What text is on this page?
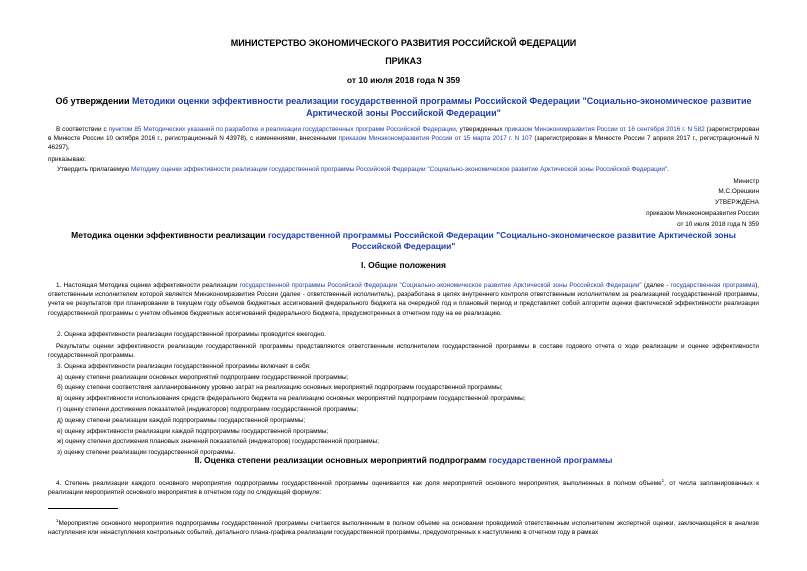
МИНИСТЕРСТВО ЭКОНОМИЧЕСКОГО РАЗВИТИЯ РОССИЙСКОЙ ФЕДЕРАЦИИ
ПРИКАЗ
от 10 июля 2018 года N 359
Об утверждении Методики оценки эффективности реализации государственной программы Российской Федерации "Социально-экономическое развитие Арктической зоны Российской Федерации"
В соответствии с пунктом 85 Методических указаний по разработке и реализации государственных программ Российской Федерации, утвержденных приказом Минэкономразвития России от 16 сентября 2016 г. N 582 (зарегистрирован в Минюсте России 10 октября 2016 г., регистрационный N 43978), с изменениями, внесенными приказом Минэкономразвития России от 15 марта 2017 г. N 107 (зарегистрирован в Минюсте России 7 апреля 2017 г., регистрационный N 46297),
приказываю:
Утвердить прилагаемую Методику оценки эффективности реализации государственной программы Российской Федерации "Социально-экономическое развитие Арктической зоны Российской Федерации".
Министр
М.С.Орешкин
УТВЕРЖДЕНА
приказом Минэкономразвития России
от 10 июля 2018 года N 359
Методика оценки эффективности реализации государственной программы Российской Федерации "Социально-экономическое развитие Арктической зоны Российской Федерации"
I. Общие положения
1. Настоящая Методика оценки эффективности реализации государственной программы Российской Федерации "Социально-экономическое развитие Арктической зоны Российской Федерации" (далее - государственная программа), ответственным исполнителем которой является Минэкономразвития России (далее - ответственный исполнитель), разработана в целях внутреннего контроля ответственным исполнителем за реализацией государственной программы, учета ее результатов при планировании в текущем году объемов бюджетных ассигнований федерального бюджета на очередной год и плановый период и представляет собой алгоритм оценки фактической эффективности реализации государственной программы с учетом объемов бюджетных ассигнований федерального бюджета, предусмотренных в отчетном году на ее реализацию.
2. Оценка эффективности реализации государственной программы проводится ежегодно.
Результаты оценки эффективности реализации государственной программы представляются ответственным исполнителем государственной программы в составе годового отчета о ходе реализации и оценке эффективности государственной программы.
3. Оценка эффективности реализации государственной программы включает в себя:
а) оценку степени реализации основных мероприятий подпрограмм государственной программы;
б) оценку степени соответствия запланированному уровню затрат на реализацию основных мероприятий подпрограмм государственной программы;
в) оценку эффективности использования средств федерального бюджета на реализацию основных мероприятий подпрограмм государственной программы;
г) оценку степени достижения показателей (индикаторов) подпрограмм государственной программы;
д) оценку степени реализации каждой подпрограммы государственной программы;
е) оценку эффективности реализации каждой подпрограммы государственной программы;
ж) оценку степени достижения плановых значений показателей (индикаторов) государственной программы;
з) оценку степени реализации государственной программы.
II. Оценка степени реализации основных мероприятий подпрограмм государственной программы
4. Степень реализации каждого основного мероприятия подпрограммы государственной программы оценивается как доля мероприятий основного мероприятия, выполненных в полном объеме$^1$, от числа запланированных к реализации мероприятий основного мероприятия в отчетном году по следующей формуле:
$^1$Мероприятие основного мероприятия подпрограммы государственной программы считается выполненным в полном объеме на основании проводимой ответственным исполнителем экспертной оценки, заключающейся в анализе наступления или ненаступления контрольных событий, детального плана-графика реализации государственной программы, предусмотренных к наступлению в отчетном году в рамках
